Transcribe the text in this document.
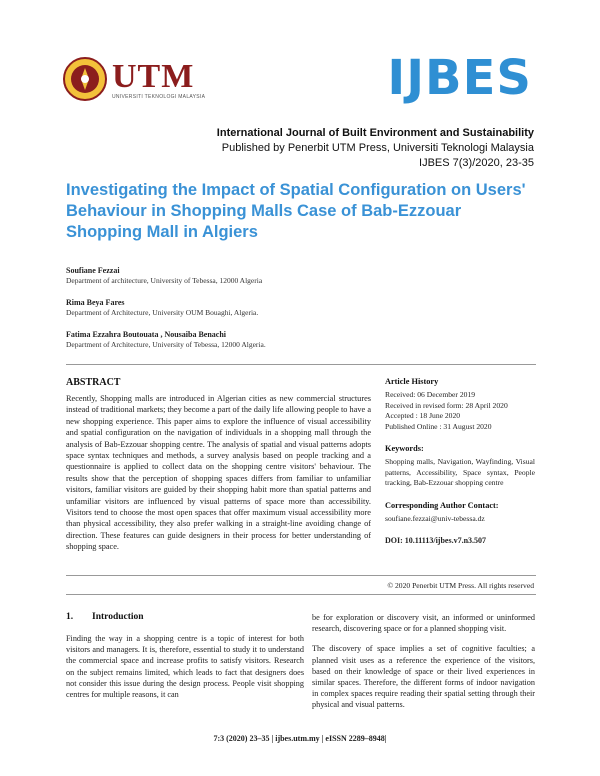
UTM
UNIVERSITI TEKNOLOGI MALAYSIA	IJBES
International Journal of Built Environment and Sustainability
Published by Penerbit UTM Press, Universiti Teknologi Malaysia
IJBES 7(3)/2020, 23-35
Investigating the Impact of Spatial Configuration on Users' Behaviour in Shopping Malls Case of Bab-Ezzouar Shopping Mall in Algiers
Soufiane Fezzai
Department of architecture, University of Tebessa, 12000 Algeria
Rima Beya Fares
Department of Architecture, University OUM Bouaghi, Algeria.
Fatima Ezzahra Boutouata , Nousaiba Benachi
Department of Architecture, University of Tebessa, 12000 Algeria.
ABSTRACT
Recently, Shopping malls are introduced in Algerian cities as new commercial structures instead of traditional markets; they become a part of the daily life allowing people to have a new shopping experience. This paper aims to explore the influence of visual accessibility and spatial configuration on the navigation of individuals in a shopping mall through the analysis of Bab-Ezzouar shopping centre. The analysis of spatial and visual patterns adopts space syntax techniques and methods, a survey analysis based on people tracking and a questionnaire is applied to collect data on the shopping centre visitors' behaviour. The results show that the perception of shopping spaces differs from familiar to unfamiliar visitors, familiar visitors are guided by their shopping habit more than spatial patterns and unfamiliar visitors are influenced by visual patterns of space more than accessibility. Visitors tend to choose the most open spaces that offer maximum visual accessibility more than physical accessibility, they also prefer walking in a straight-line avoiding change of direction. These features can guide designers in their process for better understanding of shopping space.
Article History
Received: 06 December 2019
Received in revised form: 28 April 2020
Accepted : 18 June 2020
Published Online : 31 August 2020
Keywords:
Shopping malls, Navigation, Wayfinding, Visual patterns, Accessibility, Space syntax, People tracking, Bab-Ezzouar shopping centre
Corresponding Author Contact:
soufiane.fezzai@univ-tebessa.dz
DOI: 10.11113/ijbes.v7.n3.507
© 2020 Penerbit UTM Press. All rights reserved
1. Introduction

Finding the way in a shopping centre is a topic of interest for both visitors and managers. It is, therefore, essential to study it to understand the commercial space and increase profits to satisfy visitors. Research on the subject remains limited, which leads to fact that designers does not consider this issue during the design process. People visit shopping centres for multiple reasons, it can

be for exploration or discovery visit, an informed or uninformed research, discovering space or for a planned shopping visit.

The discovery of space implies a set of cognitive faculties; a planned visit uses as a reference the experience of the visitors, based on their knowledge of space or their lived experiences in similar spaces. Therefore, the different forms of indoor navigation in complex spaces require reading their spatial setting through their physical and visual patterns.

7:3 (2020) 23–35 | ijbes.utm.my | eISSN 2289–8948|
